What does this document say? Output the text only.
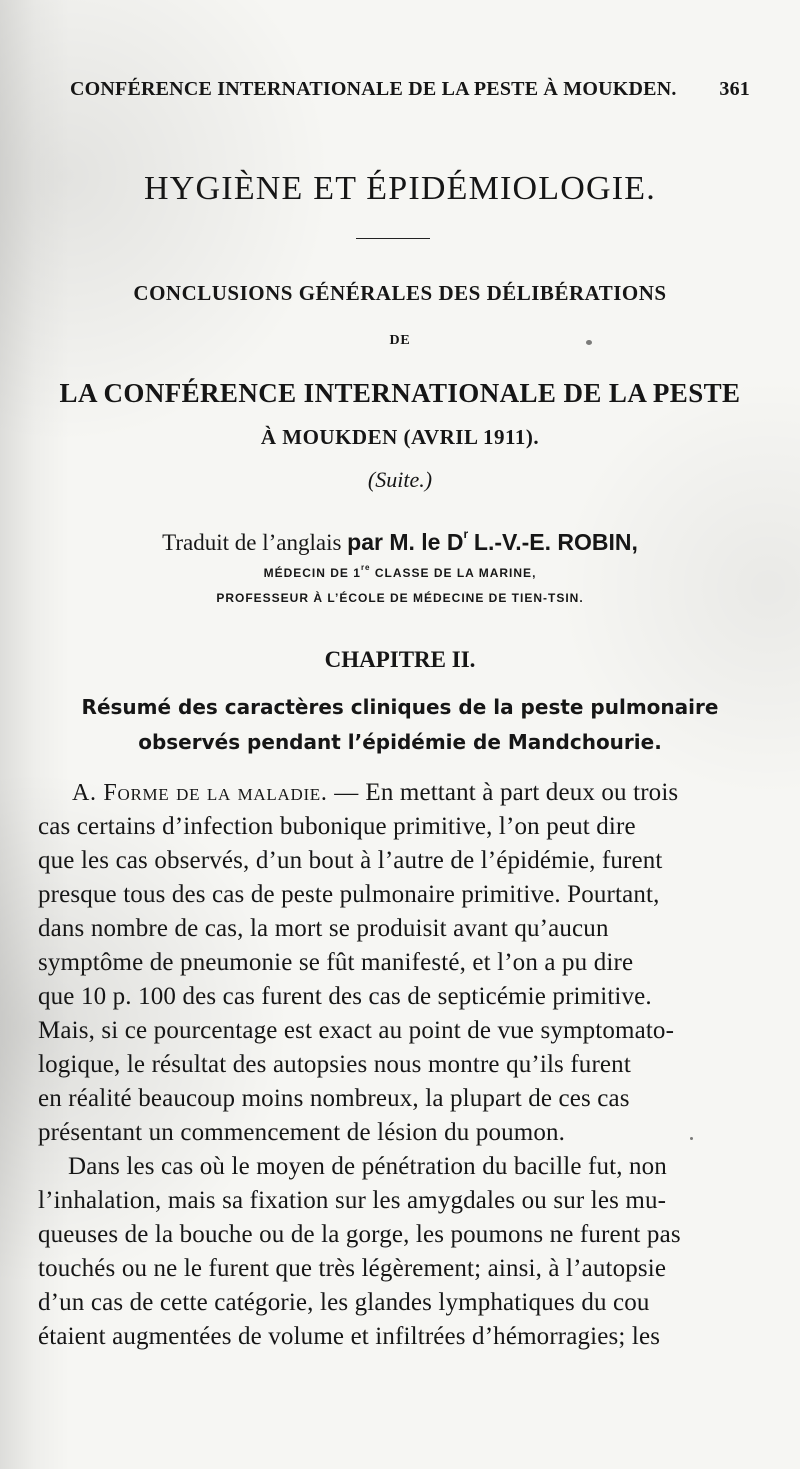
CONFÉRENCE INTERNATIONALE DE LA PESTE À MOUKDEN. 361
HYGIÈNE ET ÉPIDÉMIOLOGIE.
CONCLUSIONS GÉNÉRALES DES DÉLIBÉRATIONS
DE
LA CONFÉRENCE INTERNATIONALE DE LA PESTE
À MOUKDEN (AVRIL 1911).
(Suite.)
Traduit de l’anglais par M. le $D^r$ L.-V.-E. ROBIN,
MÉDECIN DE 1re CLASSE DE LA MARINE,
PROFESSEUR À L’ÉCOLE DE MÉDECINE DE TIEN-TSIN.
CHAPITRE II.
Résumé des caractères cliniques de la peste pulmonaire
observés pendant l’épidémie de Mandchourie.
A. Forme de la maladie. — En mettant à part deux ou trois
cas certains d’infection bubonique primitive, l’on peut dire
que les cas observés, d’un bout à l’autre de l’épidémie, furent
presque tous des cas de peste pulmonaire primitive. Pourtant,
dans nombre de cas, la mort se produisit avant qu’aucun
symptôme de pneumonie se fût manifesté, et l’on a pu dire
que 10 p. 100 des cas furent des cas de septicémie primitive.
Mais, si ce pourcentage est exact au point de vue symptomato-
logique, le résultat des autopsies nous montre qu’ils furent
en réalité beaucoup moins nombreux, la plupart de ces cas
présentant un commencement de lésion du poumon.
Dans les cas où le moyen de pénétration du bacille fut, non
l’inhalation, mais sa fixation sur les amygdales ou sur les mu-
queuses de la bouche ou de la gorge, les poumons ne furent pas
touchés ou ne le furent que très légèrement; ainsi, à l’autopsie
d’un cas de cette catégorie, les glandes lymphatiques du cou
étaient augmentées de volume et infiltrées d’hémorragies; les
